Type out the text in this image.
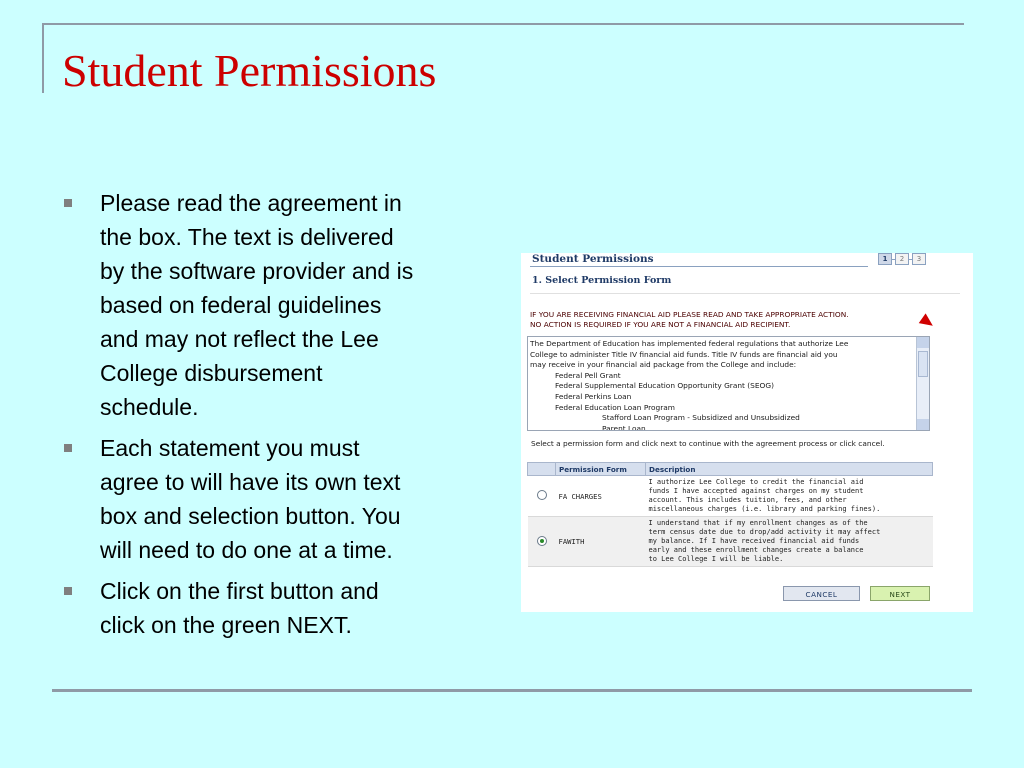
Student Permissions
Please read the agreement in
the box. The text is delivered
by the software provider and is
based on federal guidelines
and may not reflect the Lee
College disbursement
schedule.
Each statement you must
agree to will have its own text
box and selection button. You
will need to do one at a time.
Click on the first button and
click on the green NEXT.
Student Permissions	1	2	3
1. Select Permission Form
IF YOU ARE RECEIVING FINANCIAL AID PLEASE READ AND TAKE APPROPRIATE ACTION.
NO ACTION IS REQUIRED IF YOU ARE NOT A FINANCIAL AID RECIPIENT.
The Department of Education has implemented federal regulations that authorize Lee
College to administer Title IV financial aid funds. Title IV funds are financial aid you
may receive in your financial aid package from the College and include:
Federal Pell Grant
Federal Supplemental Education Opportunity Grant (SEOG)
Federal Perkins Loan
Federal Education Loan Program
Stafford Loan Program - Subsidized and Unsubsidized
Parent Loan
Select a permission form and click next to continue with the agreement process or click cancel.
	Permission Form	Description
	FA CHARGES	I authorize Lee College to credit the financial aid
funds I have accepted against charges on my student
account. This includes tuition, fees, and other
miscellaneous charges (i.e. library and parking fines).
	FAWITH	I understand that if my enrollment changes as of the
term census date due to drop/add activity it may affect
my balance. If I have received financial aid funds
early and these enrollment changes create a balance
to Lee College I will be liable.
CANCEL	NEXT
